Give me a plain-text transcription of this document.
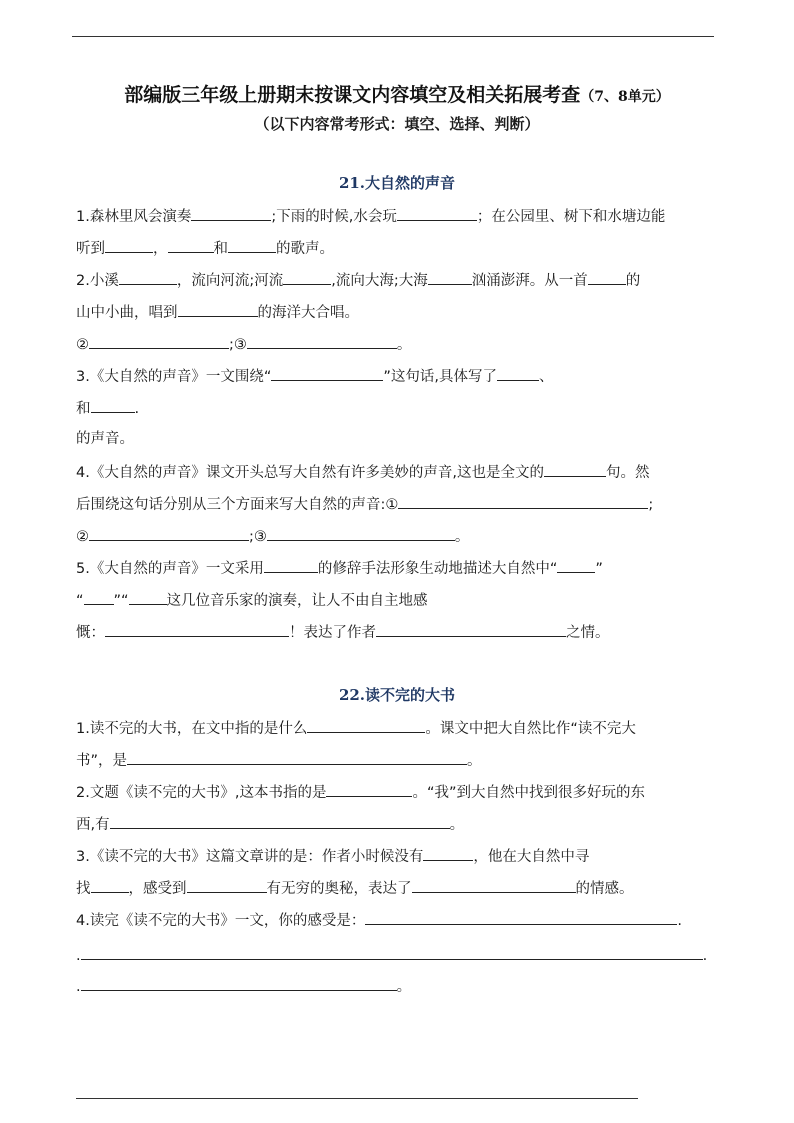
部编版三年级上册期末按课文内容填空及相关拓展考查（7、8单元）
（以下内容常考形式：填空、选择、判断）
21.大自然的声音
1.森林里风会演奏	;下雨的时候,水会玩	；在公园里、树下和水塘边能
听到	，	和	的歌声。
2.小溪	，流向河流;河流	,流向大海;大海	汹涌澎湃。从一首	的
山中小曲，唱到	的海洋大合唱。
②	;③	。
3.《大自然的声音》一文围绕“	”这句话,具体写了	、
和	.
的声音。
4.《大自然的声音》课文开头总写大自然有许多美妙的声音,这也是全文的	句。然
后围绕这句话分别从三个方面来写大自然的声音:①	;
②	;③	。
5.《大自然的声音》一文采用	的修辞手法形象生动地描述大自然中“	”
“ ”“	这几位音乐家的演奏，让人不由自主地感
慨：	！表达了作者	之情。
22.读不完的大书
1.读不完的大书，在文中指的是什么	。课文中把大自然比作“读不完大
书”，是	。
2.文题《读不完的大书》,这本书指的是	。“我”到大自然中找到很多好玩的东
西,有	。
3.《读不完的大书》这篇文章讲的是：作者小时候没有	，他在大自然中寻
找	，感受到	有无穷的奥秘，表达了	的情感。
4.读完《读不完的大书》一文，你的感受是：	.
.	.
.	。
